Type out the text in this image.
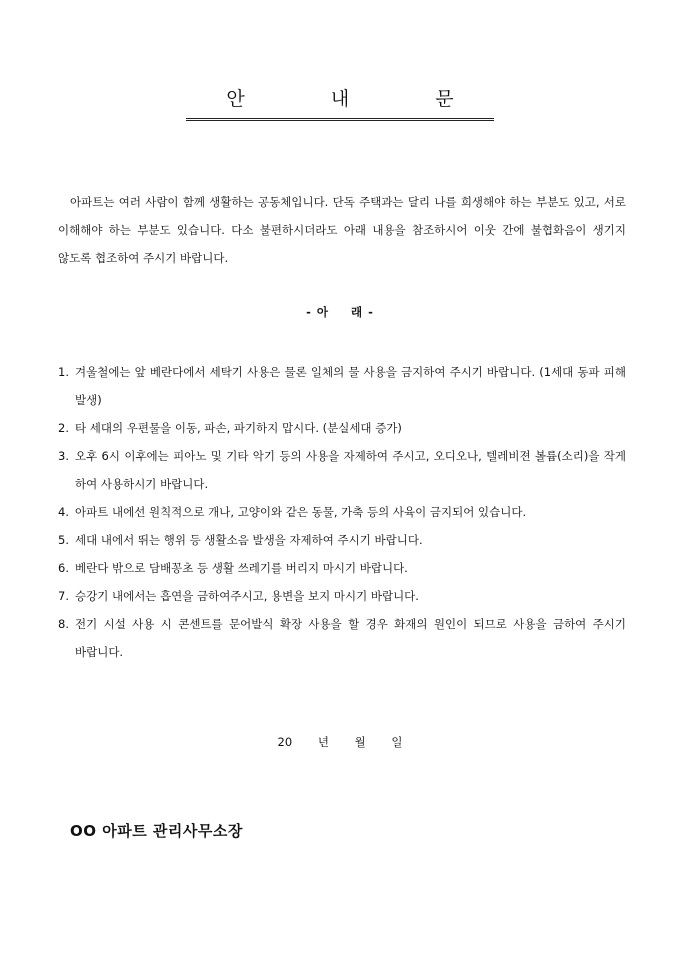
안 내 문

아파트는 여러 사람이 함께 생활하는 공동체입니다. 단독 주택과는 달리 나를 희생해야 하는 부분도 있고, 서로 이해해야 하는 부분도 있습니다. 다소 불편하시더라도 아래 내용을 참조하시어 이웃 간에 불협화음이 생기지 않도록 협조하여 주시기 바랍니다.

- 아 래 -
1. 겨울철에는 앞 베란다에서 세탁기 사용은 물론 일체의 물 사용을 금지하여 주시기 바랍니다. (1세대 동파 피해 발생)
2. 타 세대의 우편물을 이동, 파손, 파기하지 맙시다. (분실세대 증가)
3. 오후 6시 이후에는 피아노 및 기타 악기 등의 사용을 자제하여 주시고, 오디오나, 텔레비젼 볼륨(소리)을 작게 하여 사용하시기 바랍니다.
4. 아파트 내에선 원칙적으로 개나, 고양이와 같은 동물, 가축 등의 사육이 금지되어 있습니다.
5. 세대 내에서 뛰는 행위 등 생활소음 발생을 자제하여 주시기 바랍니다.
6. 베란다 밖으로 담배꽁초 등 생활 쓰레기를 버리지 마시기 바랍니다.
7. 승강기 내에서는 흡연을 금하여주시고, 용변을 보지 마시기 바랍니다.
8. 전기 시설 사용 시 콘센트를 문어발식 확장 사용을 할 경우 화재의 원인이 되므로 사용을 금하여 주시기 바랍니다.
20 년 월 일
OO 아파트 관리사무소장
